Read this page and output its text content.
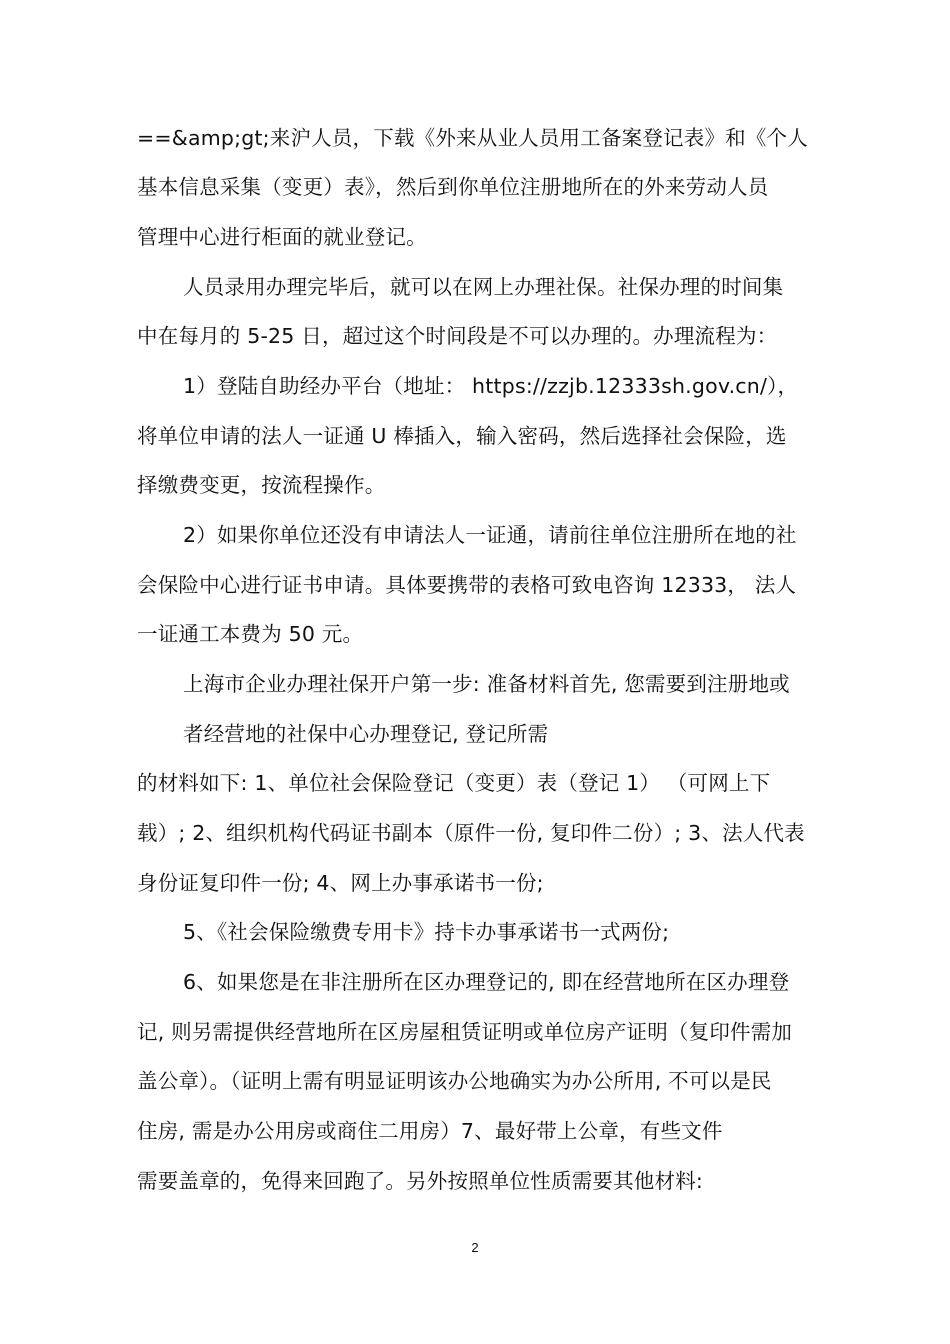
==&amp;gt;来沪人员，下载《外来从业人员用工备案登记表》和《个人
基本信息采集（变更）表》，然后到你单位注册地所在的外来劳动人员
管理中心进行柜面的就业登记。
人员录用办理完毕后，就可以在网上办理社保。社保办理的时间集
中在每月的 5-25 日，超过这个时间段是不可以办理的。办理流程为：
1）登陆自助经办平台（地址： https://zzjb.12333sh.gov.cn/），
将单位申请的法人一证通 U 棒插入，输入密码，然后选择社会保险，选
择缴费变更，按流程操作。
2）如果你单位还没有申请法人一证通，请前往单位注册所在地的社
会保险中心进行证书申请。具体要携带的表格可致电咨询 12333， 法人
一证通工本费为 50 元。
上海市企业办理社保开户第一步: 准备材料首先, 您需要到注册地或
者经营地的社保中心办理登记, 登记所需
的材料如下: 1、单位社会保险登记（变更）表（登记 1） （可网上下
载）; 2、组织机构代码证书副本（原件一份, 复印件二份）; 3、法人代表
身份证复印件一份; 4、网上办事承诺书一份;
5、《社会保险缴费专用卡》持卡办事承诺书一式两份;
6、如果您是在非注册所在区办理登记的, 即在经营地所在区办理登
记, 则另需提供经营地所在区房屋租赁证明或单位房产证明（复印件需加
盖公章）。（证明上需有明显证明该办公地确实为办公所用, 不可以是民
住房, 需是办公用房或商住二用房）7、最好带上公章，有些文件
需要盖章的，免得来回跑了。另外按照单位性质需要其他材料:
2
